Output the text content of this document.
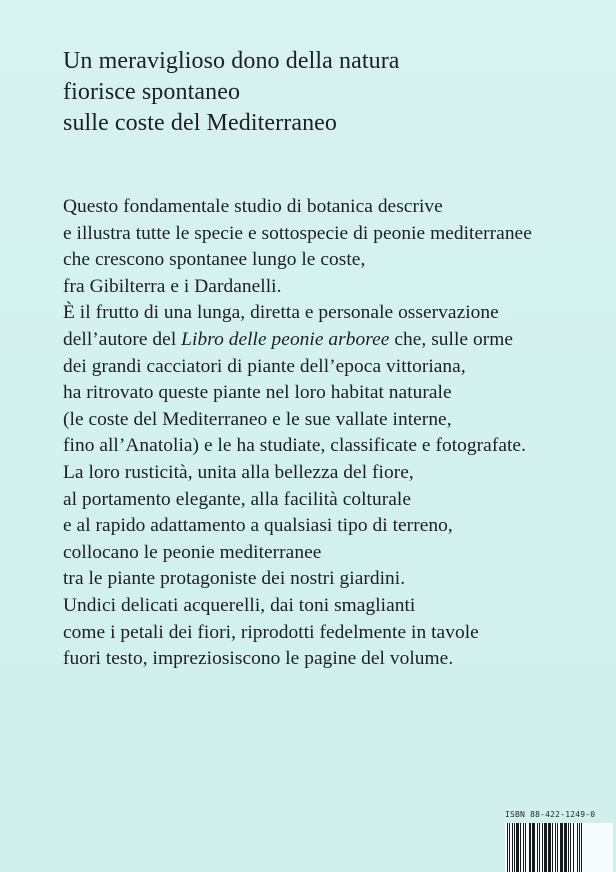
Un meraviglioso dono della natura
fiorisce spontaneo
sulle coste del Mediterraneo
Questo fondamentale studio di botanica descrive
e illustra tutte le specie e sottospecie di peonie mediterranee
che crescono spontanee lungo le coste,
fra Gibilterra e i Dardanelli.
È il frutto di una lunga, diretta e personale osservazione
dell’autore del Libro delle peonie arboree che, sulle orme
dei grandi cacciatori di piante dell’epoca vittoriana,
ha ritrovato queste piante nel loro habitat naturale
(le coste del Mediterraneo e le sue vallate interne,
fino all’Anatolia) e le ha studiate, classificate e fotografate.
La loro rusticità, unita alla bellezza del fiore,
al portamento elegante, alla facilità colturale
e al rapido adattamento a qualsiasi tipo di terreno,
collocano le peonie mediterranee
tra le piante protagoniste dei nostri giardini.
Undici delicati acquerelli, dai toni smaglianti
come i petali dei fiori, riprodotti fedelmente in tavole
fuori testo, impreziosiscono le pagine del volume.
ISBN 88-422-1249-0
